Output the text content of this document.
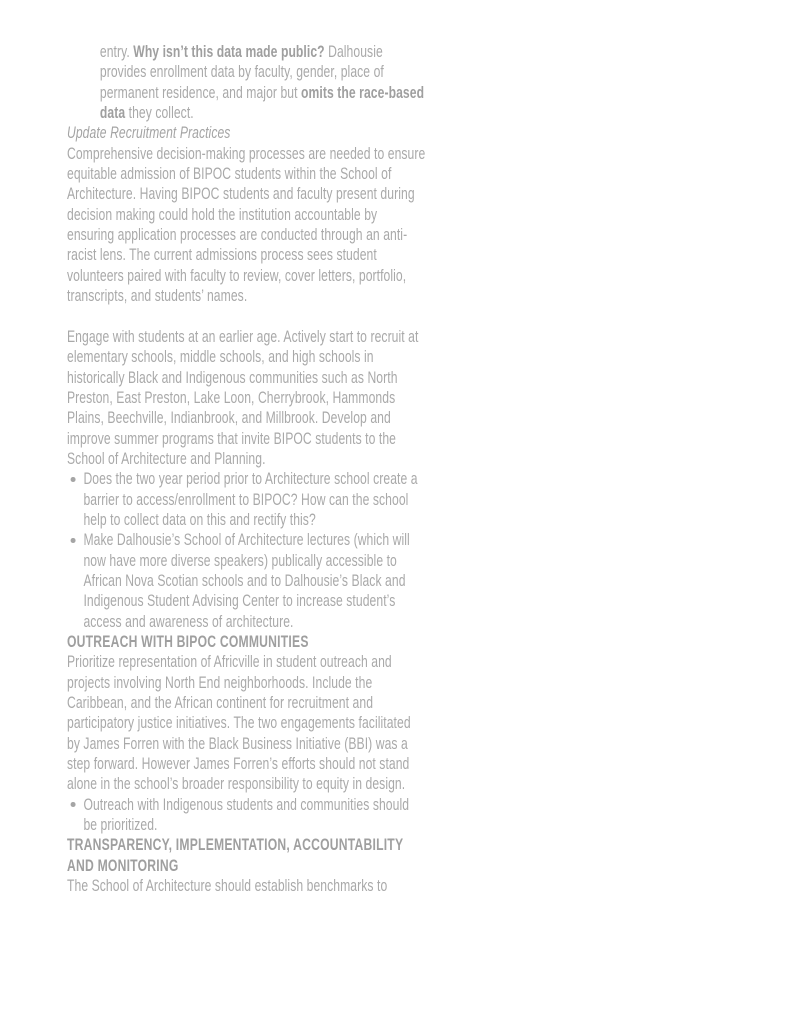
entry. Why isn’t this data made public? Dalhousie provides enrollment data by faculty, gender, place of permanent residence, and major but omits the race-based data they collect.

Update Recruitment Practices

Comprehensive decision-making processes are needed to ensure equitable admission of BIPOC students within the School of Architecture. Having BIPOC students and faculty present during decision making could hold the institution accountable by ensuring application processes are conducted through an anti-racist lens. The current admissions process sees student volunteers paired with faculty to review, cover letters, portfolio, transcripts, and students’ names.

Engage with students at an earlier age. Actively start to recruit at elementary schools, middle schools, and high schools in historically Black and Indigenous communities such as North Preston, East Preston, Lake Loon, Cherrybrook, Hammonds Plains, Beechville, Indianbrook, and Millbrook. Develop and improve summer programs that invite BIPOC students to the School of Architecture and Planning.

Does the two year period prior to Architecture school create a barrier to access/enrollment to BIPOC? How can the school help to collect data on this and rectify this?
Make Dalhousie’s School of Architecture lectures (which will now have more diverse speakers) publically accessible to African Nova Scotian schools and to Dalhousie’s Black and Indigenous Student Advising Center to increase student’s access and awareness of architecture.
OUTREACH WITH BIPOC COMMUNITIES

Prioritize representation of Africville in student outreach and projects involving North End neighborhoods. Include the Caribbean, and the African continent for recruitment and participatory justice initiatives. The two engagements facilitated by James Forren with the Black Business Initiative (BBI) was a step forward. However James Forren’s efforts should not stand alone in the school’s broader responsibility to equity in design.

Outreach with Indigenous students and communities should be prioritized.
TRANSPARENCY, IMPLEMENTATION, ACCOUNTABILITY AND MONITORING

The School of Architecture should establish benchmarks to
